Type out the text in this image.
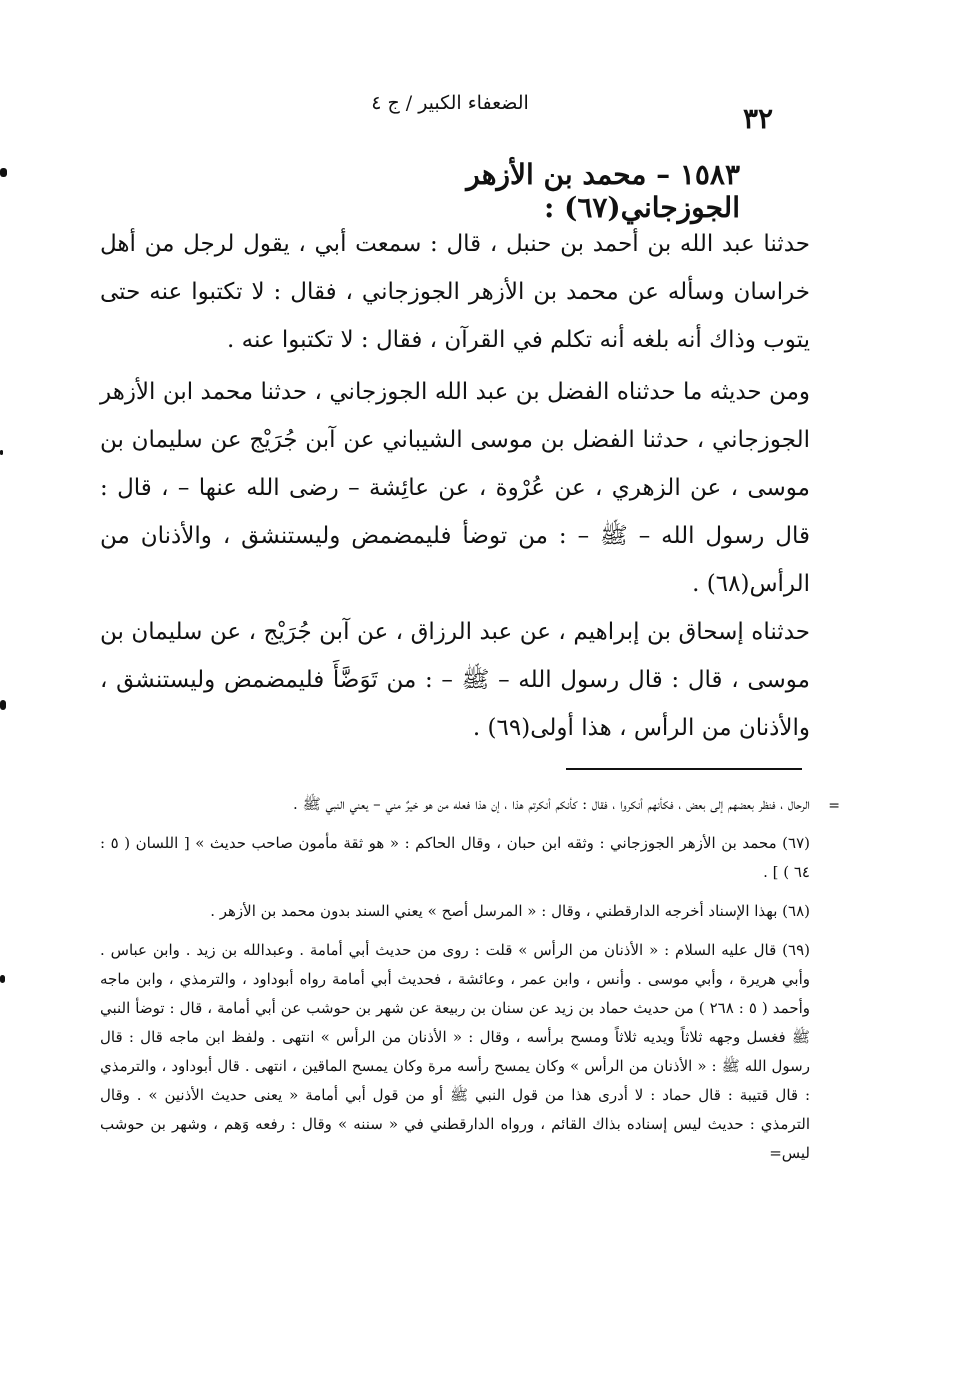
٣٢
الضعفاء الكبير / ج ٤
١٥٨٣ – محمد بن الأزهر الجوزجاني(٦٧) :

حدثنا عبد الله بن أحمد بن حنبل ، قال : سمعت أبي ، يقول لرجل من أهل خراسان وسأله عن محمد بن الأزهر الجوزجاني ، فقال : لا تكتبوا عنه حتى يتوب وذاك أنه بلغه أنه تكلم في القرآن ، فقال : لا تكتبوا عنه .

ومن حديثه ما حدثناه الفضل بن عبد الله الجوزجاني ، حدثنا محمد ابن الأزهر الجوزجاني ، حدثنا الفضل بن موسى الشيباني عن آبن جُرَيْج عن سليمان بن موسى ، عن الزهري ، عن عُرْوة ، عن عائِشة – رضى الله عنها – ، قال : قال رسول الله – ﷺ – : من توضأ فليمضمض وليستنشق ، والأذنان من الرأس(٦٨) .

حدثناه إسحاق بن إبراهيم ، عن عبد الرزاق ، عن آبن جُرَيْج ، عن سليمان بن موسى ، قال : قال رسول الله – ﷺ – : من تَوَضَّأَ فليمضمض وليستنشق ، والأذنان من الرأس ، هذا أولى(٦٩) .

=
الرحال ، فنظر بعضهم إلى بعض ، فكأنهم أنكروا ، فقال : كأنكم أنكرتم هذا ، إن هذا فعله من هو خيرٌ مني – يعني النبي ﷺ .

(٦٧) محمد بن الأزهر الجوزجاني : وثقه ابن حبان ، وقال الحاكم : « هو ثقة مأمون صاحب حديث » [ اللسان ( ٥ : ٦٤ ) ] .

(٦٨) بهذا الإسناد أخرجه الدارقطني ، وقال : « المرسل أصح » يعني السند بدون محمد بن الأزهر .

(٦٩) قال عليه السلام : « الأذنان من الرأس » قلت : روى من حديث أبي أمامة . وعبدالله بن زيد . وابن عباس . وأبي هريرة ، وأبي موسى . وأنس ، وابن عمر ، وعائشة ، فحديث أبي أمامة رواه أبوداود ، والترمذي ، وابن ماجه وأحمد ( ٥ : ٢٦٨ ) من حديث حماد بن زيد عن سنان بن ربيعة عن شهر بن حوشب عن أبي أمامة ، قال : توضأ النبي ﷺ فغسل وجهه ثلاثاً ويديه ثلاثاً ومسح برأسه ، وقال : « الأذنان من الرأس » انتهى . ولفظ ابن ماجه قال : قال رسول الله ﷺ : « الأذنان من الرأس » وكان يمسح رأسه مرة وكان يمسح الماقين ، انتهى . قال أبوداود ، والترمذي : قال قتيبة : قال حماد : لا أدرى هذا من قول النبي ﷺ أو من قول أبي أمامة « يعنى حديث الأذنين » . وقال الترمذي : حديث ليس إسناده بذاك القائم ، ورواه الدارقطني في « سننه » وقال : رفعه وَهم ، وشهر بن حوشب ليس=
